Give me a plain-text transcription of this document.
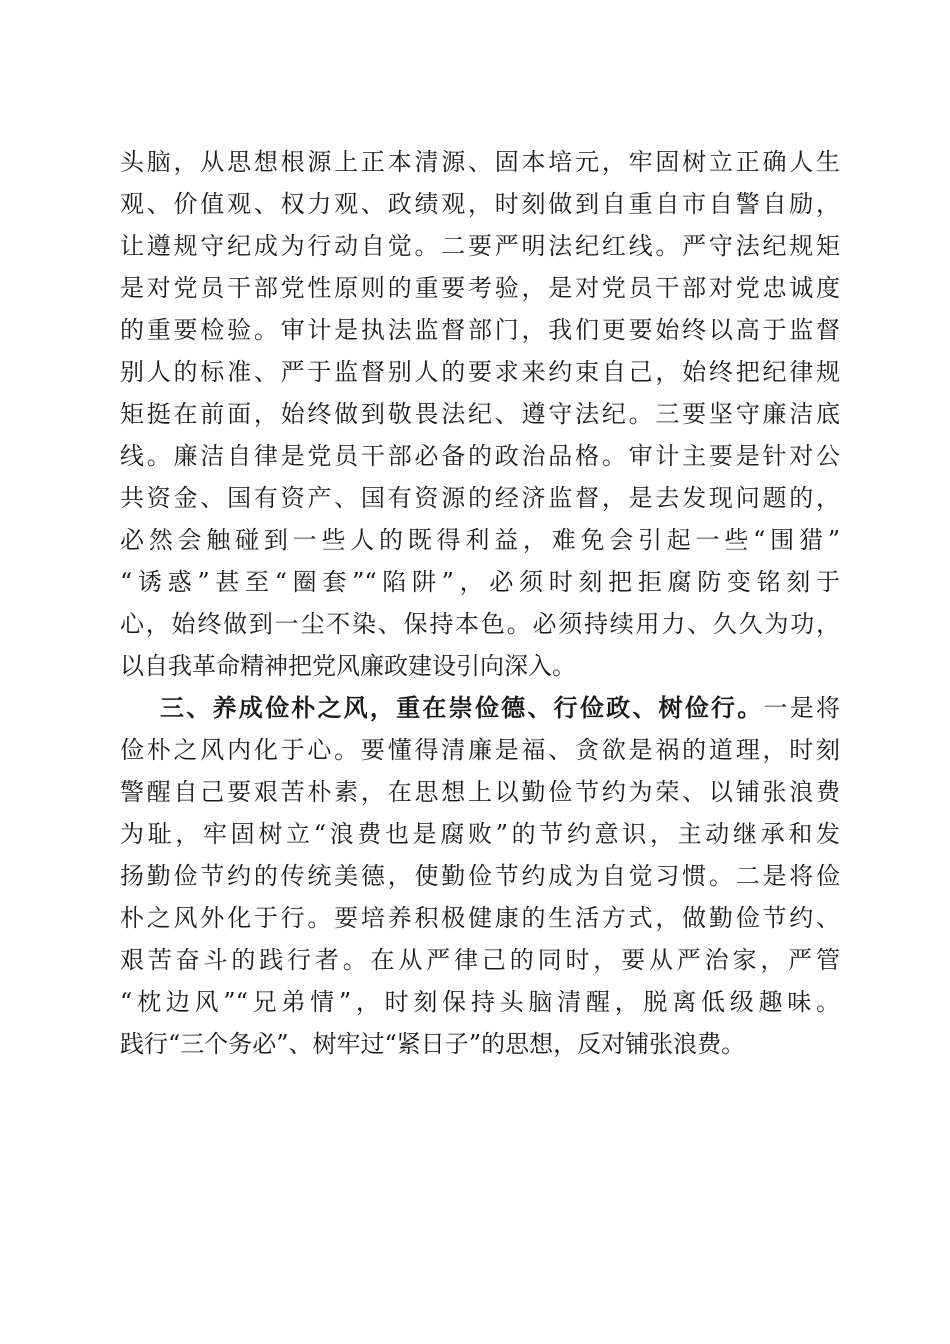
头脑，从思想根源上正本清源、固本培元，牢固树立正确人生
观、价值观、权力观、政绩观，时刻做到自重自市自警自励，
让遵规守纪成为行动自觉。二要严明法纪红线。严守法纪规矩
是对党员干部党性原则的重要考验，是对党员干部对党忠诚度
的重要检验。审计是执法监督部门，我们更要始终以高于监督
别人的标准、严于监督别人的要求来约束自己，始终把纪律规
矩挺在前面，始终做到敬畏法纪、遵守法纪。三要坚守廉洁底
线。廉洁自律是党员干部必备的政治品格。审计主要是针对公
共资金、国有资产、国有资源的经济监督，是去发现问题的，
必然会触碰到一些人的既得利益，难免会引起一些“围猎”
“诱惑”甚至“圈套”“陷阱”，必须时刻把拒腐防变铭刻于
心，始终做到一尘不染、保持本色。必须持续用力、久久为功，
以自我革命精神把党风廉政建设引向深入。
三、养成俭朴之风，重在崇俭德、行俭政、树俭行。一是将
俭朴之风内化于心。要懂得清廉是福、贪欲是祸的道理，时刻
警醒自己要艰苦朴素，在思想上以勤俭节约为荣、以铺张浪费
为耻，牢固树立“浪费也是腐败”的节约意识，主动继承和发
扬勤俭节约的传统美德，使勤俭节约成为自觉习惯。二是将俭
朴之风外化于行。要培养积极健康的生活方式，做勤俭节约、
艰苦奋斗的践行者。在从严律己的同时，要从严治家，严管
“枕边风”“兄弟情”，时刻保持头脑清醒，脱离低级趣味。
践行“三个务必”、树牢过“紧日子”的思想，反对铺张浪费。
